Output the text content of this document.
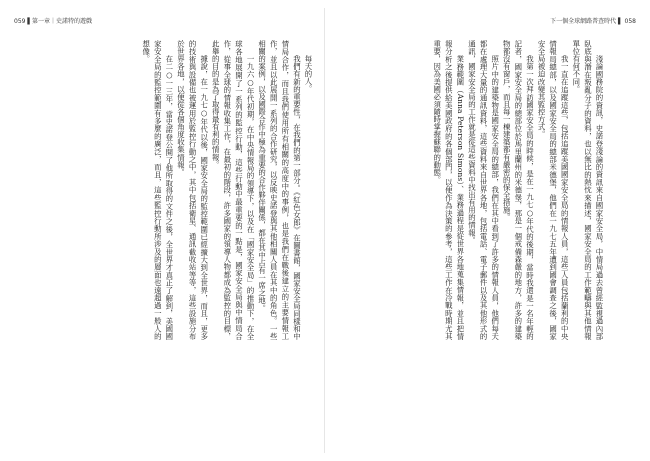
059 ▌第一章｜史諾特的遊戲

每天的人。

我們有新的重要性，在我們的第一部分。《紅色女郎》在圖書館，國家安全局同樣和中情局合作，而且我們使用所有相關的高度中的事例，也是我們在戰後建立的主要情報工作，並且以此展開一系列的合作研究，以反映史諾登與其他相關人員在其中的角色。一些相關的案例，以及國際合作中極為重要的合作夥伴關係，都在其中占有一席之地。

一九六○年代初期，在中央情報局的領導下，以及在「國家安全局」的推動下，在全球各地展開了一系列的監控行動，這些行動中最重要的一點是，國家安全局與中情局合作，從事全球的情報收集工作，在最初的階段，許多國家的領導人物都成為監控的目標，此舉的目的是為了取得最有利的情報。

據說，在一九七○年代以後，國家安全局的監控範圍已經擴大到全世界，而且，更多的技術與設備也被運用於監控行動之中，其中包括衛星、通訊截收站等等，這些設施分布於世界各地，以便從各個角度收集情報。

在二○一三年，當史諾登公開了他所取得的文件之後，全世界才真正了解到，美國國家安全局的監控範圍有多麼的廣泛，而且，這些監控行動所涉及的層面也遠超過一般人的想像。

下一個全球網路普查時代 ▌ 058

淺論國務院的資訊，史諾登淺論的資訊來自國家安全局，中情局過去曾經監視過內部臥底與潛在叛亂分子的資料，也以無比的熱忱來描述，國家安全局的工作範疇與其他情報單位有何不同。

我一直在追蹤這些，包括追蹤美國國家安全局的情報人員，這些人員包括蘭利的中央情報局總部，以及國家安全局的總部米德堡，他們在一九七五年遭到國會調查之後，國家安全局被迫改變其監控方式。

我第一次拜訪國家安全局的時候，是在一九七○年代的後期，當時我還是一名年輕的記者，國家安全局的總部位於馬里蘭州的米德堡，那是一個戒備森嚴的地方，許多的建築物都沒有窗戶，而且每一棟建築都有嚴密的保全措施。

照片中的建築物是國家安全局的總部，我們在其中看到了許多的情報人員，他們每天都在處理大量的通訊資料，這些資料來自世界各地，包括電話、電子郵件以及其他形式的通訊，國家安全局的工作就是從這些資料中找出有用的情報。

業務範圍（Anna Peterson Simons）、業務過程是從世界各地蒐集情報，並且把情報分析之後提供給美國政府的各個部門，以便作為決策的參考，這些工作在冷戰時期尤其重要，因為美國必須隨時掌握蘇聯的動態。
